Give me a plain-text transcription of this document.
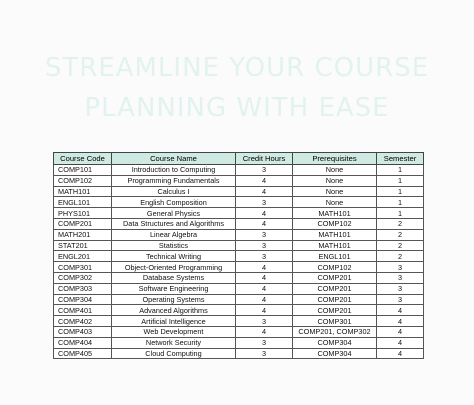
STREAMLINE YOUR COURSE
PLANNING WITH EASE
Course Code	Course Name	Credit Hours	Prerequisites	Semester
COMP101	Introduction to Computing	3	None	1
COMP102	Programming Fundamentals	4	None	1
MATH101	Calculus I	4	None	1
ENGL101	English Composition	3	None	1
PHYS101	General Physics	4	MATH101	1
COMP201	Data Structures and Algorithms	4	COMP102	2
MATH201	Linear Algebra	3	MATH101	2
STAT201	Statistics	3	MATH101	2
ENGL201	Technical Writing	3	ENGL101	2
COMP301	Object-Oriented Programming	4	COMP102	3
COMP302	Database Systems	4	COMP201	3
COMP303	Software Engineering	4	COMP201	3
COMP304	Operating Systems	4	COMP201	3
COMP401	Advanced Algorithms	4	COMP201	4
COMP402	Artificial Intelligence	3	COMP301	4
COMP403	Web Development	4	COMP201, COMP302	4
COMP404	Network Security	3	COMP304	4
COMP405	Cloud Computing	3	COMP304	4
